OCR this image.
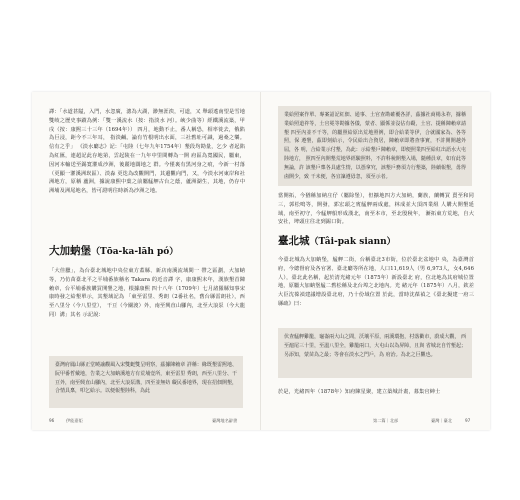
譯：「水道甚隘，入門，水忽廣，漶為大湖，渺無涯涘，可道，又 舉頭遙南望是雪地雙岐之歷史事蹟為例：「雙一溪流水（按：指淡水 河）。峽少曲等）經鐵溪流築，甲戌（按：康熙三十三年（1694年）） 四月，地動不止，番人稱恐，相率徙去，俄陷為巨浸，距今不三年耳， 指淡鹹。論有竹根明出水面，三社舊址可識，過桑之樂。信有之乎」 《淡水廳志》記：「屯陸（七年九年1754年）墾段均勘量，乞少 者起陷為紅匯，連超記此存地第，雲起陵在一九年中里間轉為一開 府區為寬國民，屬東，因河本輸送至錫寬灌成沙洲，後麗地闊地之 群。今僅裏有黑河身之痕，今新一村落（更顯一灌溪洲崁區）、淡淼 更迭為改觀開門，其邊觀向門，又，今淡水河東岸和社洲地方，原稱 蘆洲，據說康熙中葉之前屬艋舺古台之蔭，蘆洲湖生，其地，仍存中 洲埔及洲尾地名，皆可證明往時新為沙洲之地。

大加蚋堡（Tōa-ka-lāh pó）

「大佳臘」，為台臺北城地中央位東方蓋縣、新店南溪流域間一 帶之區劃，大加蚋等，乃仿苗臺北平之平埔番族稱名 Takara 的近音譯 字，康康熙末年，漢族墾首陳賴章，台平埔番族購買開墾之地，根據康熙 四十八年（1709年）七月諸羅縣知事宋康時發之給墾單示，其墾域記為 「東至雷里、秀朗（2番社名，舊台縣雷朗社），西至八里分（今八里堂）， 干豆（今關渡）外，南至興直山腳內，北至大浪泵（今大龍同）溝」其名 示記說：

臺灣府鳳山縣正堂曉諭觀風入宋雙蜓雙呈明察，茲據陳賴章 詳稱：緣既墾雷熙地、阮甲番哲戴地，告業之大加蚋溪地方有荒埔壹所，東至雷里 秀朗，西至八里分、干豆外，南至興直山腳內，北至大浪泵溝，四至並無妨 礙民番地界，現在招佃開墾，合情具稟，叩乞給示。以便報墾陸科，為此
96	伊能嘉矩	臺灣地名辭書
業給照案作單、專案詔記紅佃、通事、土官查勘確覆各詳，茲據社商楊永祚，據稱 業給照道祚等，土官冕等勘據各儀，蒙者、顯係並沒佔有礙，土官、提稱陳賴章請墾 四至內並不干等，的屬照給原出荒地照例，即合給業等伊，合就國家為、各等照，保 遵墾，茲即刻給示，令民給出合資居，陳賴章即將查事實，不許開開越外屆，各 明，合給業示付墾，為此：示給墾戶陳賴章，即便照業四至給紅出語水大屯陸地方， 照四至內開墾荒地界經驗照料，不許科稅開墾入場，隨種員章，如有此等無論，許 該墾戶稟各具處生情，以憑拿究，該墾戶務須力行墾築，陸續報墾，毋得鹵開少，致 干未便，各宜凜遵毋忽，須至示者。

當開拓，今猶稱加納庄仔（屬除堡），但擴地四方大加納，蘭族，蘭轉買 賣至和同三，郭松鳴等，開發，郭宏頭之賓艋舺兩成處，林成並大頂四業組 人購大開墾延域，南至初守，今艋舺船形成漢北，南至本市，至北殷稅年， 漸拓東方荒地，自大安社，埤頭庄往北到錫口街。

臺北城（Tâi-pak siann）

今臺北城為大加蚋堡，艋舺二街，台稱臺北3市街，位於臺北盆地中 央，為臺灣首府，今總督府及各官署、臺北廳等所在地，人口11,619人（男 6,973人，女4,646人），臺北此名稱，起於清光緒元年（1875年）新設臺北 府，位北地為其府城位置地，原屬大加蚋堡艋二舊松稱及北台埠之北地內。光 緒元年（1875年）八月，欽差大臣沈葆禎建議增設臺北府，乃十份域位置 於此，當時沈葆禎之《臺北擬建一府三縣疏》曰：

伏查艋舺雞籠，龜崙兩大山之間，沃壤平原，兩溪環抱，村落衢市，蔚成大觀， 西至滬尾三十里，至溫八里全，雞籠兩口，大屯山以為屏障，且與 省城北自竹塹起；另添知，蒙苗為之最；等會在淡水之門戶，為 府治。為北之巨觀也。

於是，光緒四年（1878年）知府陳星聚，建立築城計畫，募集官紳士

第二篇｜北部	臺灣｜臺北	97
